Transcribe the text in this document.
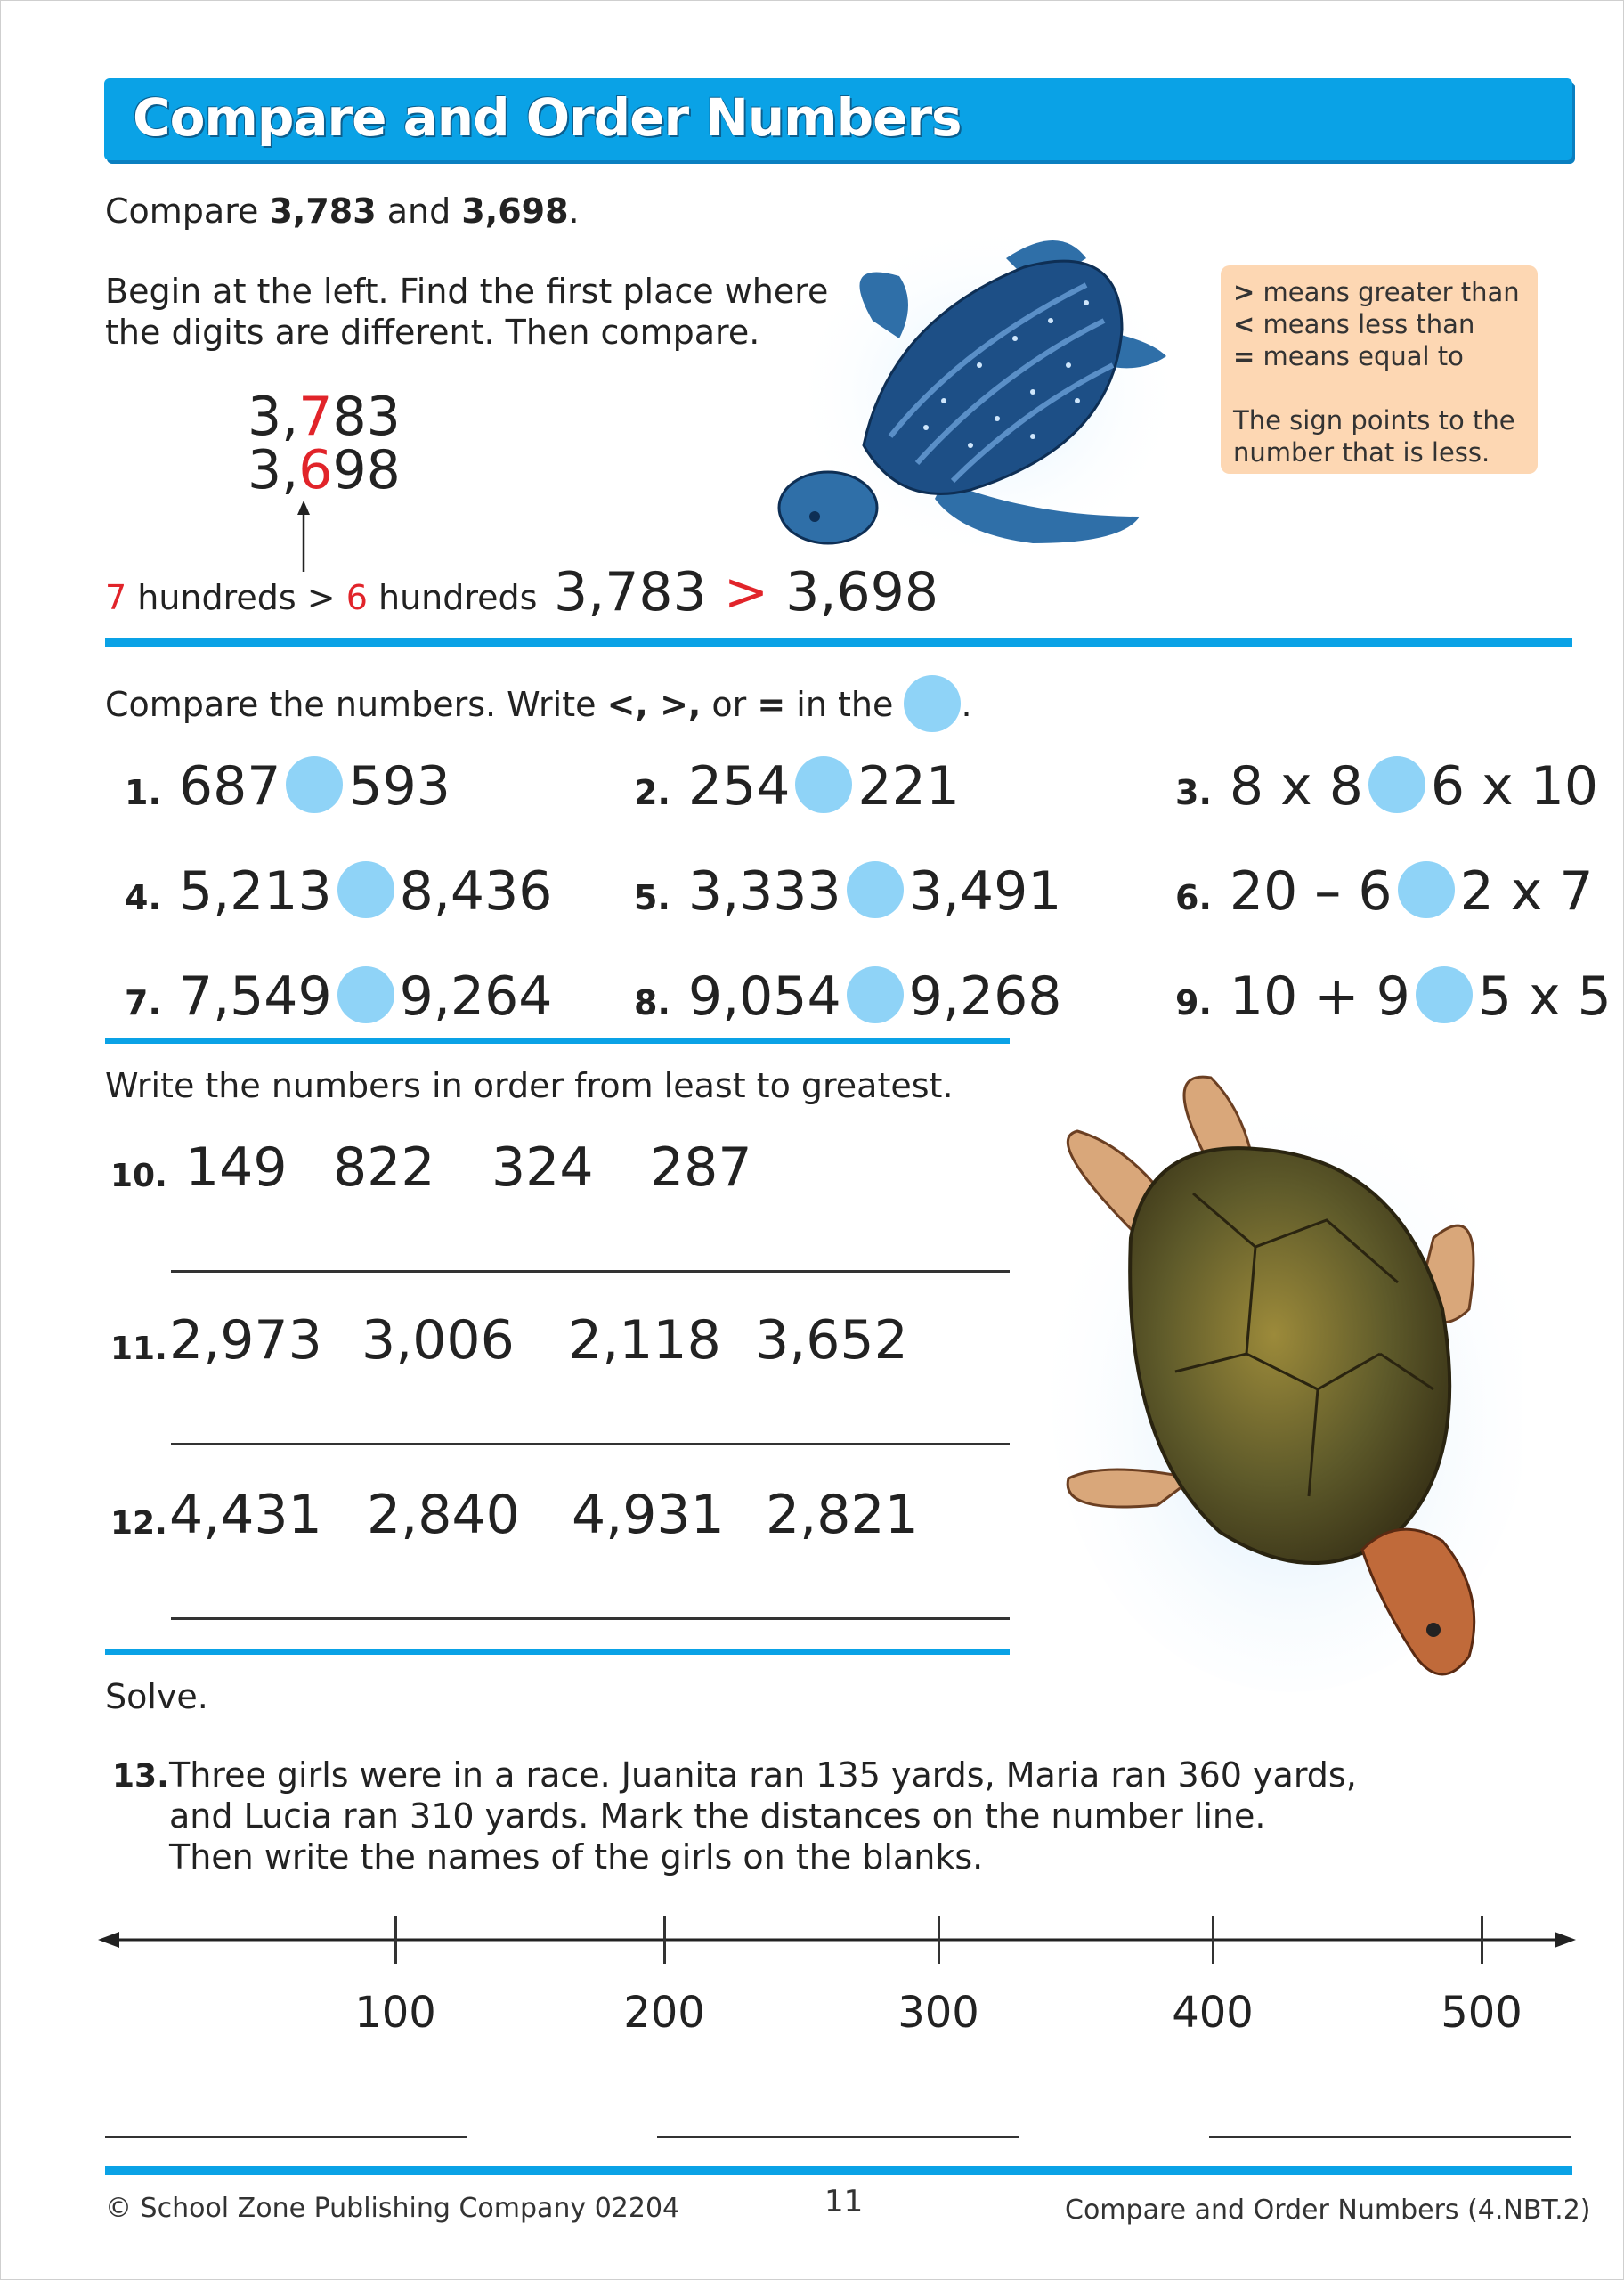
Compare and Order Numbers
Compare 3,783 and 3,698.
Begin at the left. Find the first place where
the digits are different. Then compare.
3,783
3,698
7 hundreds > 6 hundreds 3,783 > 3,698
> means greater than
< means less than
= means equal to
The sign points to the
number that is less.
Compare the numbers. Write <, >, or = in the .
1. 687 593	2. 254 221	3. 8 x 8 6 x 10
4. 5,213 8,436 5. 3,333 3,491	6. 20 – 6 2 x 7
7. 7,549 9,264 8. 9,054 9,268	9. 10 + 9 5 x 5
Write the numbers in order from least to greatest.
10. 149 822 324 287
11. 2,973 3,006 2,118 3,652
12. 4,431 2,840 4,931 2,821
Solve.
13. Three girls were in a race. Juanita ran 135 yards, Maria ran 360 yards,
and Lucia ran 310 yards. Mark the distances on the number line.
Then write the names of the girls on the blanks.
100	200	300	400	500
© School Zone Publishing Company 02204	11	Compare and Order Numbers (4.NBT.2)
